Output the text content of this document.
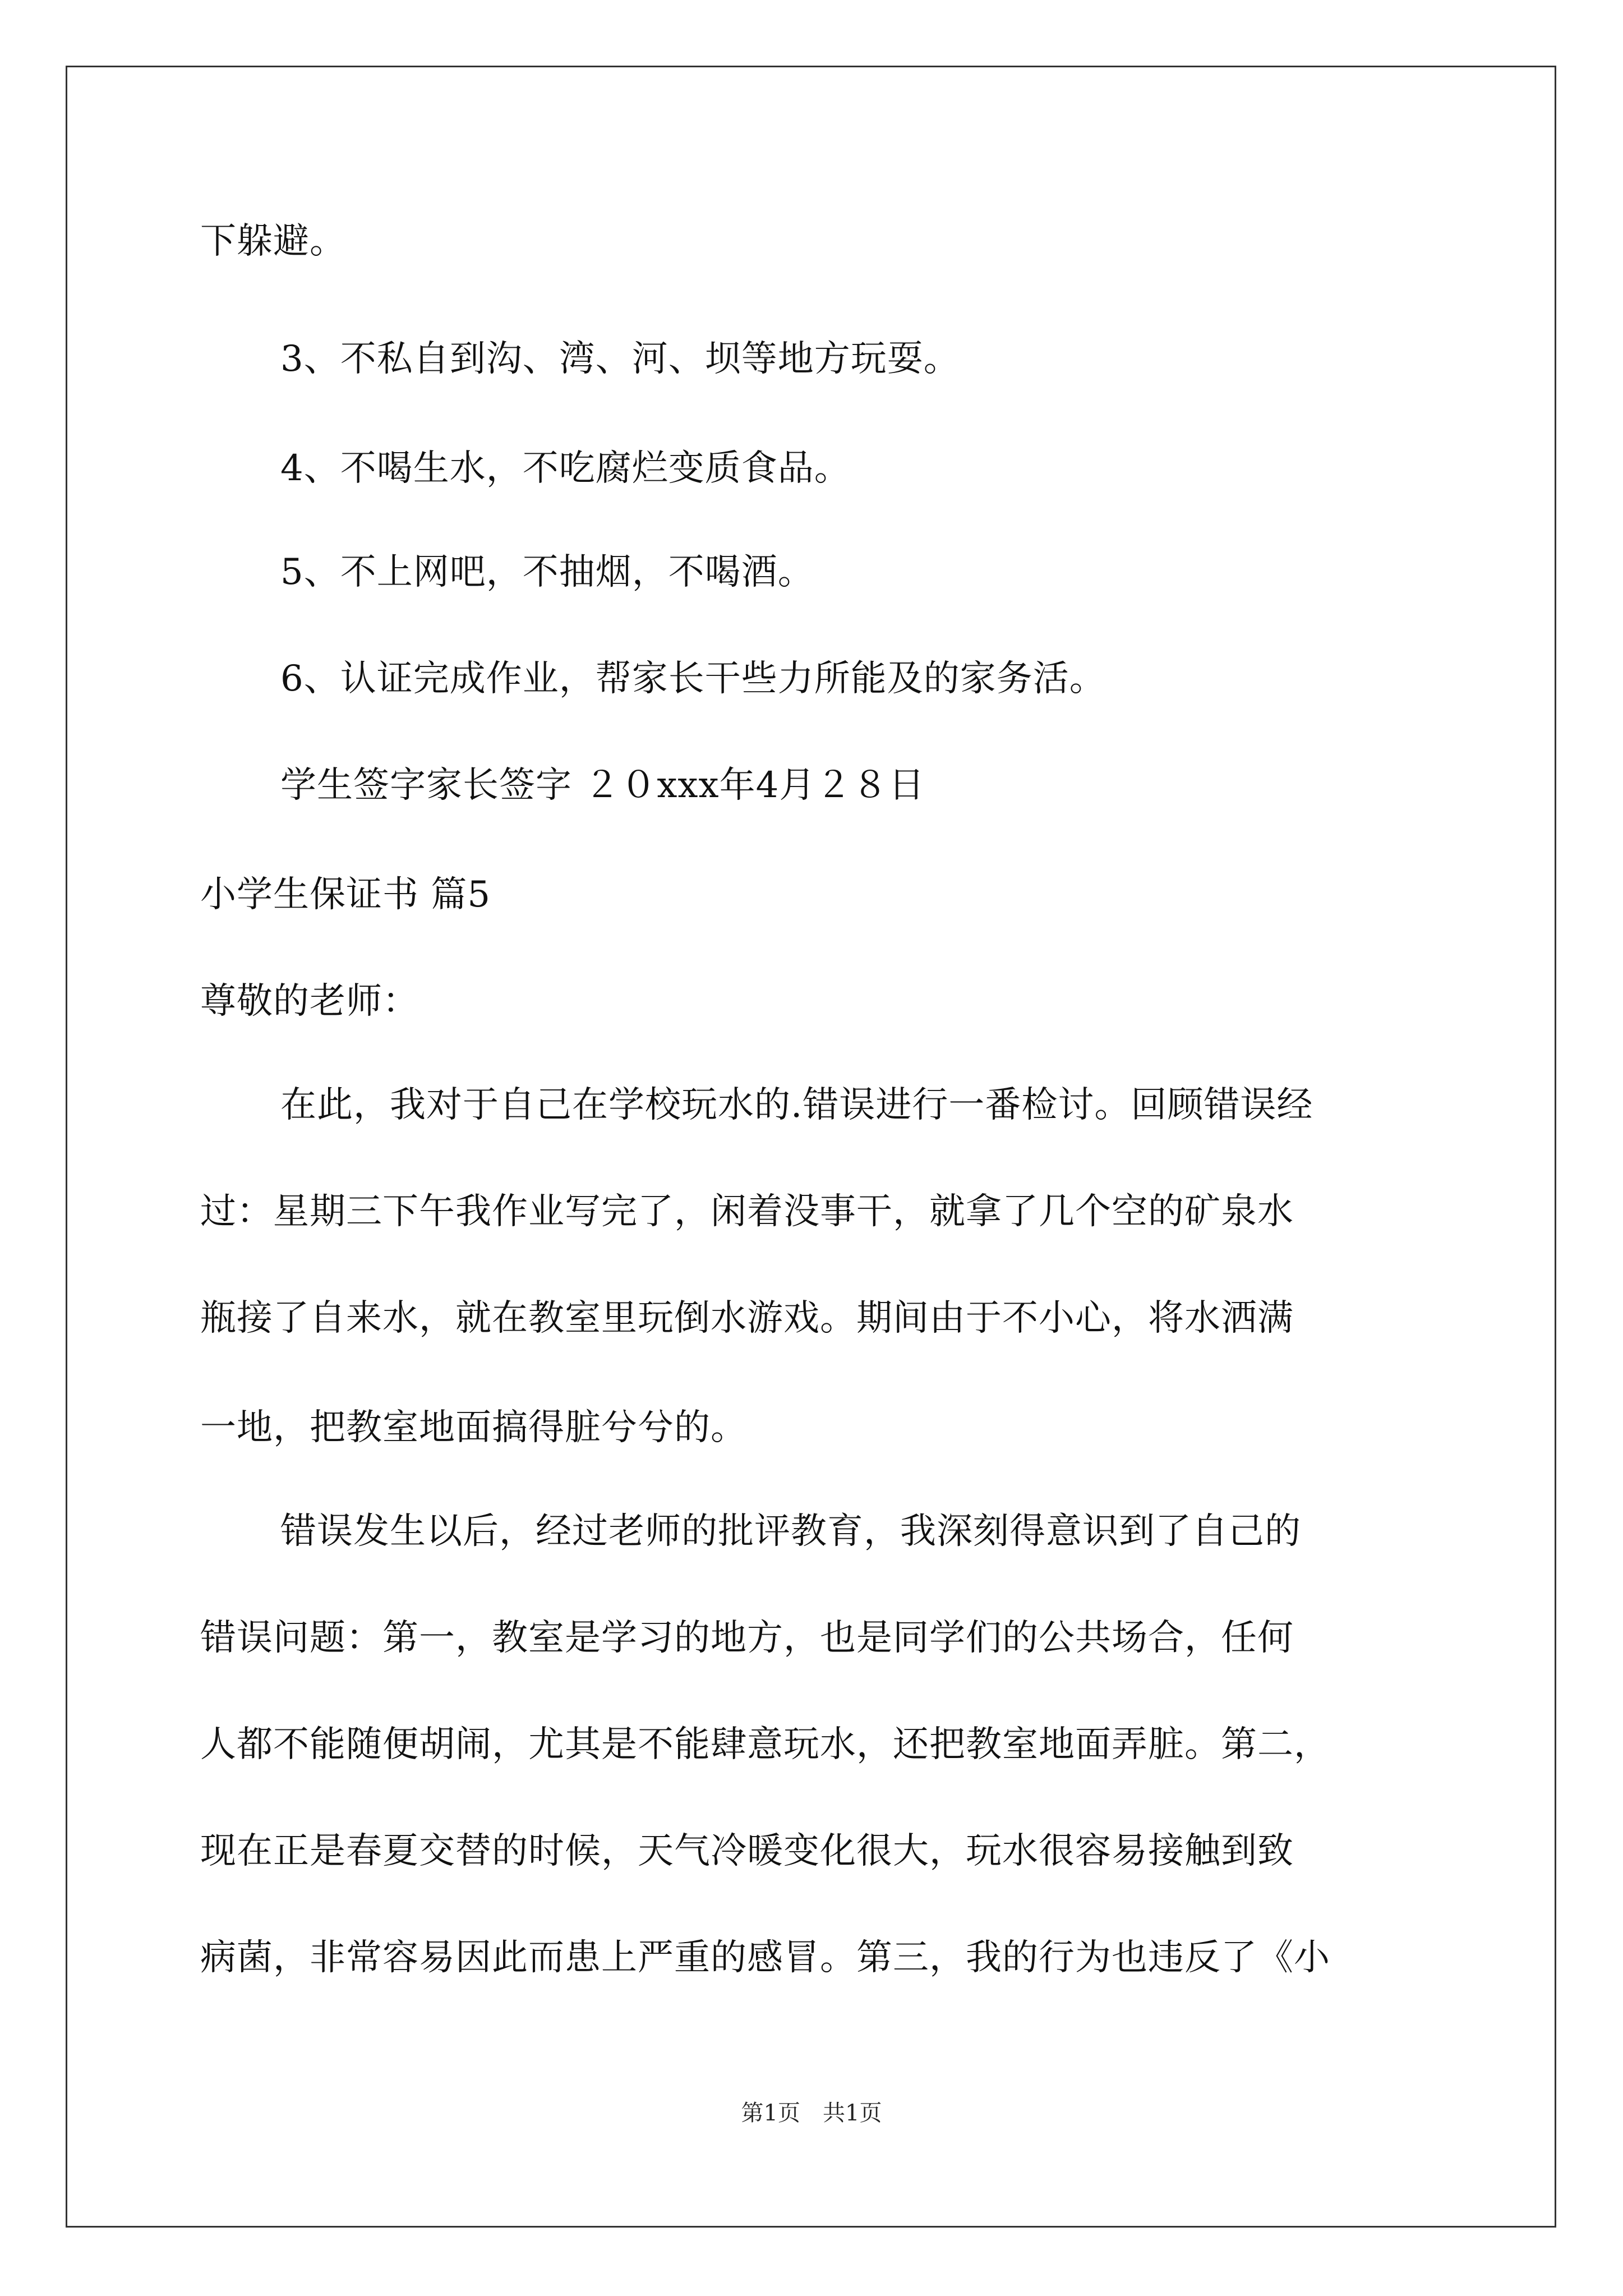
下躲避。
3、不私自到沟、湾、河、坝等地方玩耍。
4、不喝生水，不吃腐烂变质食品。
5、不上网吧，不抽烟，不喝酒。
6、认证完成作业，帮家长干些力所能及的家务活。
学生签字家长签字 ２０xxx年4月２８日
小学生保证书 篇5
尊敬的老师：
在此，我对于自己在学校玩水的.错误进行一番检讨。回顾错误经
过：星期三下午我作业写完了，闲着没事干，就拿了几个空的矿泉水
瓶接了自来水，就在教室里玩倒水游戏。期间由于不小心，将水洒满
一地，把教室地面搞得脏兮兮的。
错误发生以后，经过老师的批评教育，我深刻得意识到了自己的
错误问题：第一，教室是学习的地方，也是同学们的公共场合，任何
人都不能随便胡闹，尤其是不能肆意玩水，还把教室地面弄脏。第二，
现在正是春夏交替的时候，天气冷暖变化很大，玩水很容易接触到致
病菌，非常容易因此而患上严重的感冒。第三，我的行为也违反了《小
第1页　共1页
